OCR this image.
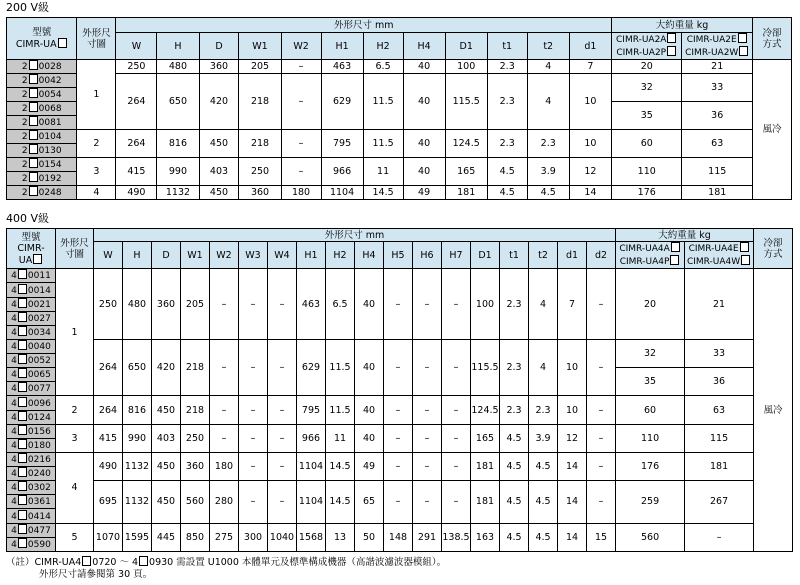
200 V級
型號
CIMR-UA	外形尺
寸圖	外形尺寸 mm												大約重量 kg		冷卻
方式
		W	H	D	W1	W2	H1	H2	H4	D1	t1	t2	d1	CIMR-UA2A
CIMR-UA2P	CIMR-UA2E
CIMR-UA2W	
2 0028	1	250	480	360	205	–	463	6.5	40	100	2.3	4	7	20	21	風冷
2 0042		264	650	420	218	–	629	11.5	40	115.5	2.3	4	10	32	33	
2 0054																
2 0068														35	36	
2 0081																
2 0104	2	264	816	450	218	–	795	11.5	40	124.5	2.3	2.3	10	60	63	
2 0130																
2 0154	3	415	990	403	250	–	966	11	40	165	4.5	3.9	12	110	115	
2 0192																
2 0248	4	490	1132	450	360	180	1104	14.5	49	181	4.5	4.5	14	176	181	
400 V級
型號
CIMR-
UA	外形尺
寸圖	外形尺寸 mm																		大約重量 kg		冷卻
方式
		W	H	D	W1	W2	W3	W4	H1	H2	H4	H5	H6	H7	D1	t1	t2	d1	d2	CIMR-UA4A
CIMR-UA4P	CIMR-UA4E
CIMR-UA4W	
4 0011	1	250	480	360	205	–	–	–	463	6.5	40	–	–	–	100	2.3	4	7	–	20	21	風冷
4 0014																						
4 0021																						
4 0027																						
4 0034																						
4 0040		264	650	420	218	–	–	–	629	11.5	40	–	–	–	115.5	2.3	4	10	–	32	33	
4 0052																						
4 0065																				35	36	
4 0077																						
4 0096	2	264	816	450	218	–	–	–	795	11.5	40	–	–	–	124.5	2.3	2.3	10	–	60	63	
4 0124																						
4 0156	3	415	990	403	250	–	–	–	966	11	40	–	–	–	165	4.5	3.9	12	–	110	115	
4 0180																						
4 0216	4	490	1132	450	360	180	–	–	1104	14.5	49	–	–	–	181	4.5	4.5	14	–	176	181	
4 0240																						
4 0302		695	1132	450	560	280	–	–	1104	14.5	65	–	–	–	181	4.5	4.5	14	–	259	267	
4 0361																						
4 0414																						
4 0477	5	1070	1595	445	850	275	300	1040	1568	13	50	148	291	138.5	163	4.5	4.5	14	15	560	–	
4 0590																						
（註）CIMR-UA4 0720 ～ 4 0930 需設置 U1000 本體單元及標準構成機器（高諧波濾波器模組）。
外形尺寸請參閱第 30 頁。
